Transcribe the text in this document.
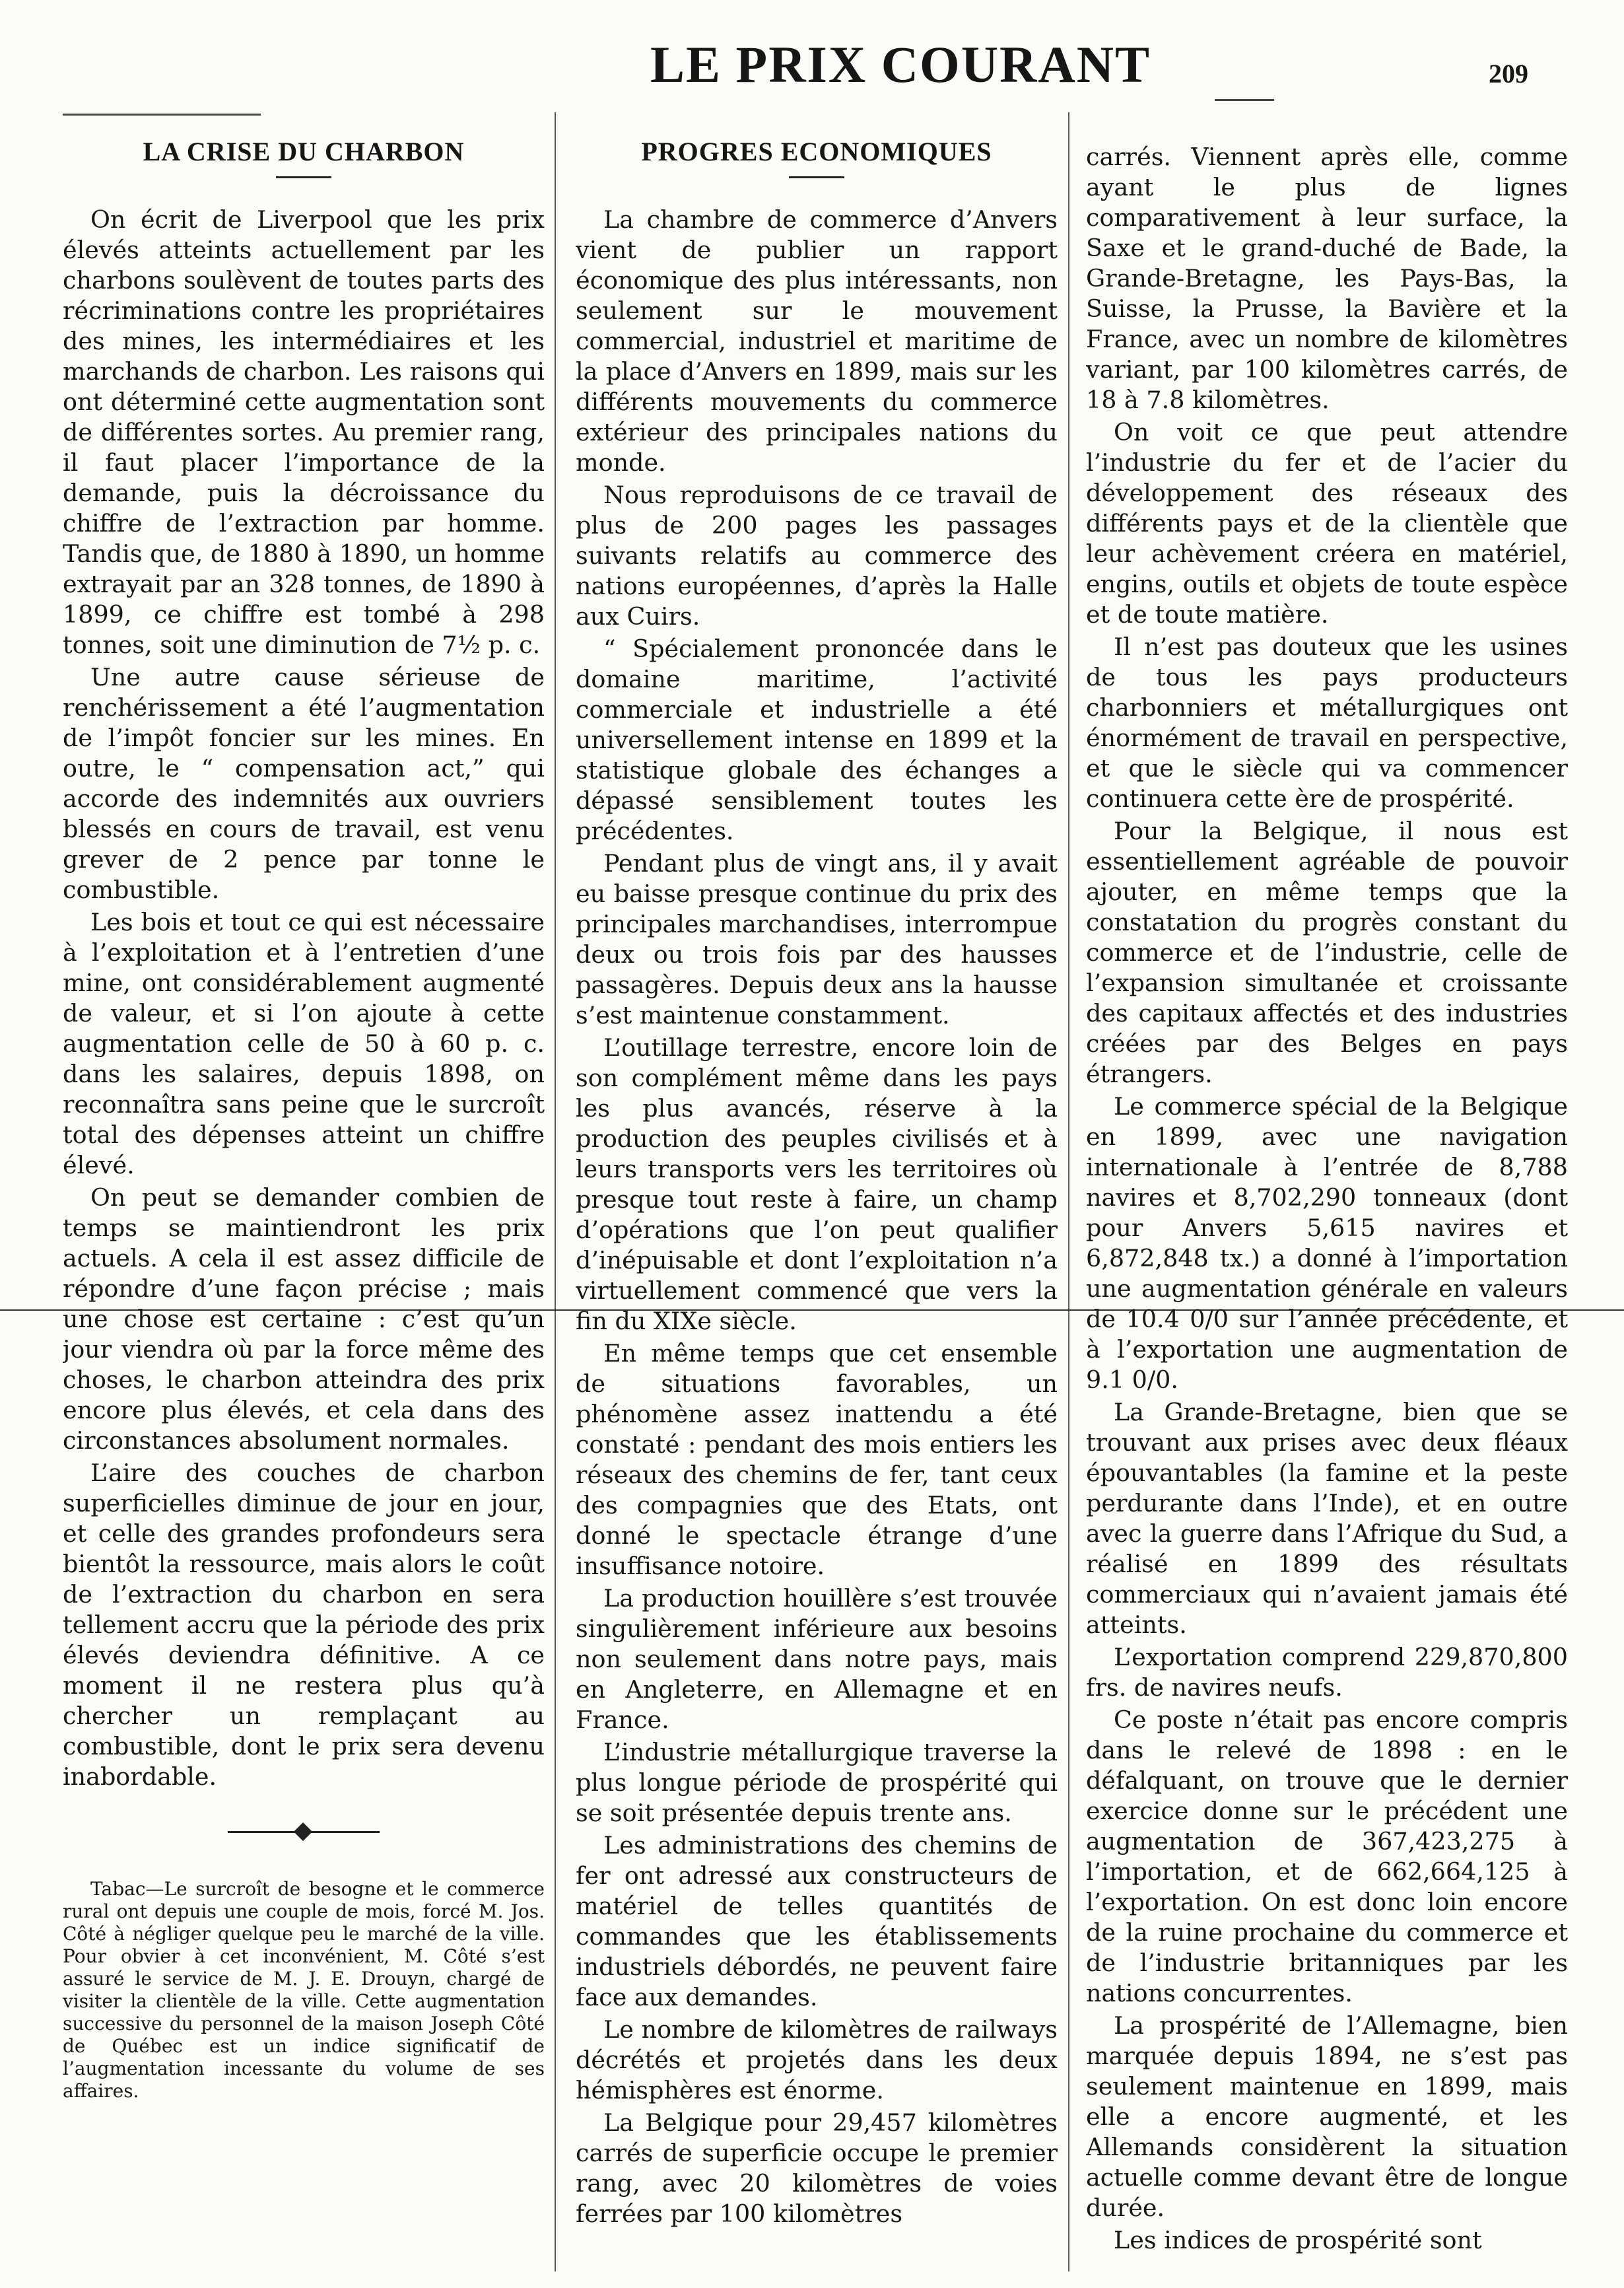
LE PRIX COURANT	209
LA CRISE DU CHARBON

On écrit de Liverpool que les prix élevés atteints actuellement par les charbons soulèvent de toutes parts des récriminations contre les propriétaires des mines, les intermédiaires et les marchands de charbon. Les raisons qui ont déterminé cette augmentation sont de différentes sortes. Au premier rang, il faut placer l’importance de la demande, puis la décroissance du chiffre de l’extraction par homme. Tandis que, de 1880 à 1890, un homme extrayait par an 328 tonnes, de 1890 à 1899, ce chiffre est tombé à 298 tonnes, soit une diminution de 7½ p. c.

Une autre cause sérieuse de renchérissement a été l’augmentation de l’impôt foncier sur les mines. En outre, le “ compensation act,” qui accorde des indemnités aux ouvriers blessés en cours de travail, est venu grever de 2 pence par tonne le combustible.

Les bois et tout ce qui est nécessaire à l’exploitation et à l’entretien d’une mine, ont considérablement augmenté de valeur, et si l’on ajoute à cette augmentation celle de 50 à 60 p. c. dans les salaires, depuis 1898, on reconnaîtra sans peine que le surcroît total des dépenses atteint un chiffre élevé.

On peut se demander combien de temps se maintiendront les prix actuels. A cela il est assez difficile de répondre d’une façon précise ; mais une chose est certaine : c’est qu’un jour viendra où par la force même des choses, le charbon atteindra des prix encore plus élevés, et cela dans des circonstances absolument normales.

L’aire des couches de charbon superficielles diminue de jour en jour, et celle des grandes profondeurs sera bientôt la ressource, mais alors le coût de l’extraction du charbon en sera tellement accru que la période des prix élevés deviendra définitive. A ce moment il ne restera plus qu’à chercher un remplaçant au combustible, dont le prix sera devenu inabordable.

Tabac—Le surcroît de besogne et le commerce rural ont depuis une couple de mois, forcé M. Jos. Côté à négliger quelque peu le marché de la ville. Pour obvier à cet inconvénient, M. Côté s’est assuré le service de M. J. E. Drouyn, chargé de visiter la clientèle de la ville. Cette augmentation successive du personnel de la maison Joseph Côté de Québec est un indice significatif de l’augmentation incessante du volume de ses affaires.

PROGRES ECONOMIQUES

La chambre de commerce d’Anvers vient de publier un rapport économique des plus intéressants, non seulement sur le mouvement commercial, industriel et maritime de la place d’Anvers en 1899, mais sur les différents mouvements du commerce extérieur des principales nations du monde.

Nous reproduisons de ce travail de plus de 200 pages les passages suivants relatifs au commerce des nations européennes, d’après la Halle aux Cuirs.

“ Spécialement prononcée dans le domaine maritime, l’activité commerciale et industrielle a été universellement intense en 1899 et la statistique globale des échanges a dépassé sensiblement toutes les précédentes.

Pendant plus de vingt ans, il y avait eu baisse presque continue du prix des principales marchandises, interrompue deux ou trois fois par des hausses passagères. Depuis deux ans la hausse s’est maintenue constamment.

L’outillage terrestre, encore loin de son complément même dans les pays les plus avancés, réserve à la production des peuples civilisés et à leurs transports vers les territoires où presque tout reste à faire, un champ d’opérations que l’on peut qualifier d’inépuisable et dont l’exploitation n’a virtuellement commencé que vers la fin du XIXe siècle.

En même temps que cet ensemble de situations favorables, un phénomène assez inattendu a été constaté : pendant des mois entiers les réseaux des chemins de fer, tant ceux des compagnies que des Etats, ont donné le spectacle étrange d’une insuffisance notoire.

La production houillère s’est trouvée singulièrement inférieure aux besoins non seulement dans notre pays, mais en Angleterre, en Allemagne et en France.

L’industrie métallurgique traverse la plus longue période de prospérité qui se soit présentée depuis trente ans.

Les administrations des chemins de fer ont adressé aux constructeurs de matériel de telles quantités de commandes que les établissements industriels débordés, ne peuvent faire face aux demandes.

Le nombre de kilomètres de railways décrétés et projetés dans les deux hémisphères est énorme.

La Belgique pour 29,457 kilomètres carrés de superficie occupe le premier rang, avec 20 kilomètres de voies ferrées par 100 kilomètres

carrés. Viennent après elle, comme ayant le plus de lignes comparativement à leur surface, la Saxe et le grand-duché de Bade, la Grande-Bretagne, les Pays-Bas, la Suisse, la Prusse, la Bavière et la France, avec un nombre de kilomètres variant, par 100 kilomètres carrés, de 18 à 7.8 kilomètres.

On voit ce que peut attendre l’industrie du fer et de l’acier du développement des réseaux des différents pays et de la clientèle que leur achèvement créera en matériel, engins, outils et objets de toute espèce et de toute matière.

Il n’est pas douteux que les usines de tous les pays producteurs charbonniers et métallurgiques ont énormément de travail en perspective, et que le siècle qui va commencer continuera cette ère de prospérité.

Pour la Belgique, il nous est essentiellement agréable de pouvoir ajouter, en même temps que la constatation du progrès constant du commerce et de l’industrie, celle de l’expansion simultanée et croissante des capitaux affectés et des industries créées par des Belges en pays étrangers.

Le commerce spécial de la Belgique en 1899, avec une navigation internationale à l’entrée de 8,788 navires et 8,702,290 tonneaux (dont pour Anvers 5,615 navires et 6,872,848 tx.) a donné à l’importation une augmentation générale en valeurs de 10.4 0/0 sur l’année précédente, et à l’exportation une augmentation de 9.1 0/0.

La Grande-Bretagne, bien que se trouvant aux prises avec deux fléaux épouvantables (la famine et la peste perdurante dans l’Inde), et en outre avec la guerre dans l’Afrique du Sud, a réalisé en 1899 des résultats commerciaux qui n’avaient jamais été atteints.

L’exportation comprend 229,870,800 frs. de navires neufs.

Ce poste n’était pas encore compris dans le relevé de 1898 : en le défalquant, on trouve que le dernier exercice donne sur le précédent une augmentation de 367,423,275 à l’importation, et de 662,664,125 à l’exportation. On est donc loin encore de la ruine prochaine du commerce et de l’industrie britanniques par les nations concurrentes.

La prospérité de l’Allemagne, bien marquée depuis 1894, ne s’est pas seulement maintenue en 1899, mais elle a encore augmenté, et les Allemands considèrent la situation actuelle comme devant être de longue durée.

Les indices de prospérité sont
